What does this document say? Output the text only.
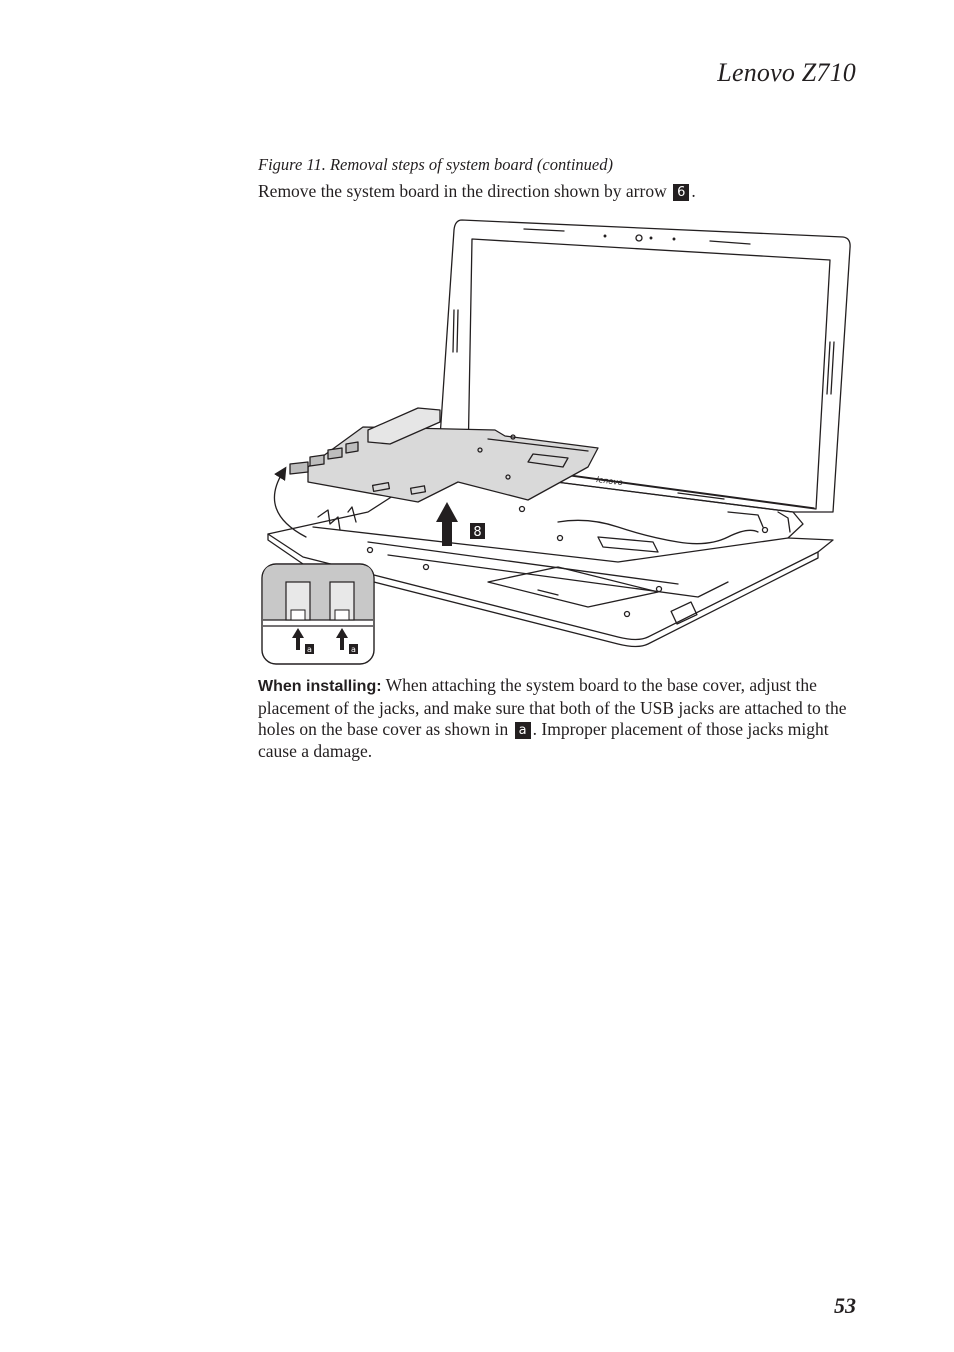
Lenovo Z710
Figure 11. Removal steps of system board (continued)
Remove the system board in the direction shown by arrow 6 .
lenovo
8
a	a
When installing: When attaching the system board to the base cover, adjust the placement of the jacks, and make sure that both of the USB jacks are attached to the holes on the base cover as shown in a . Improper placement of those jacks might cause a damage.
53
